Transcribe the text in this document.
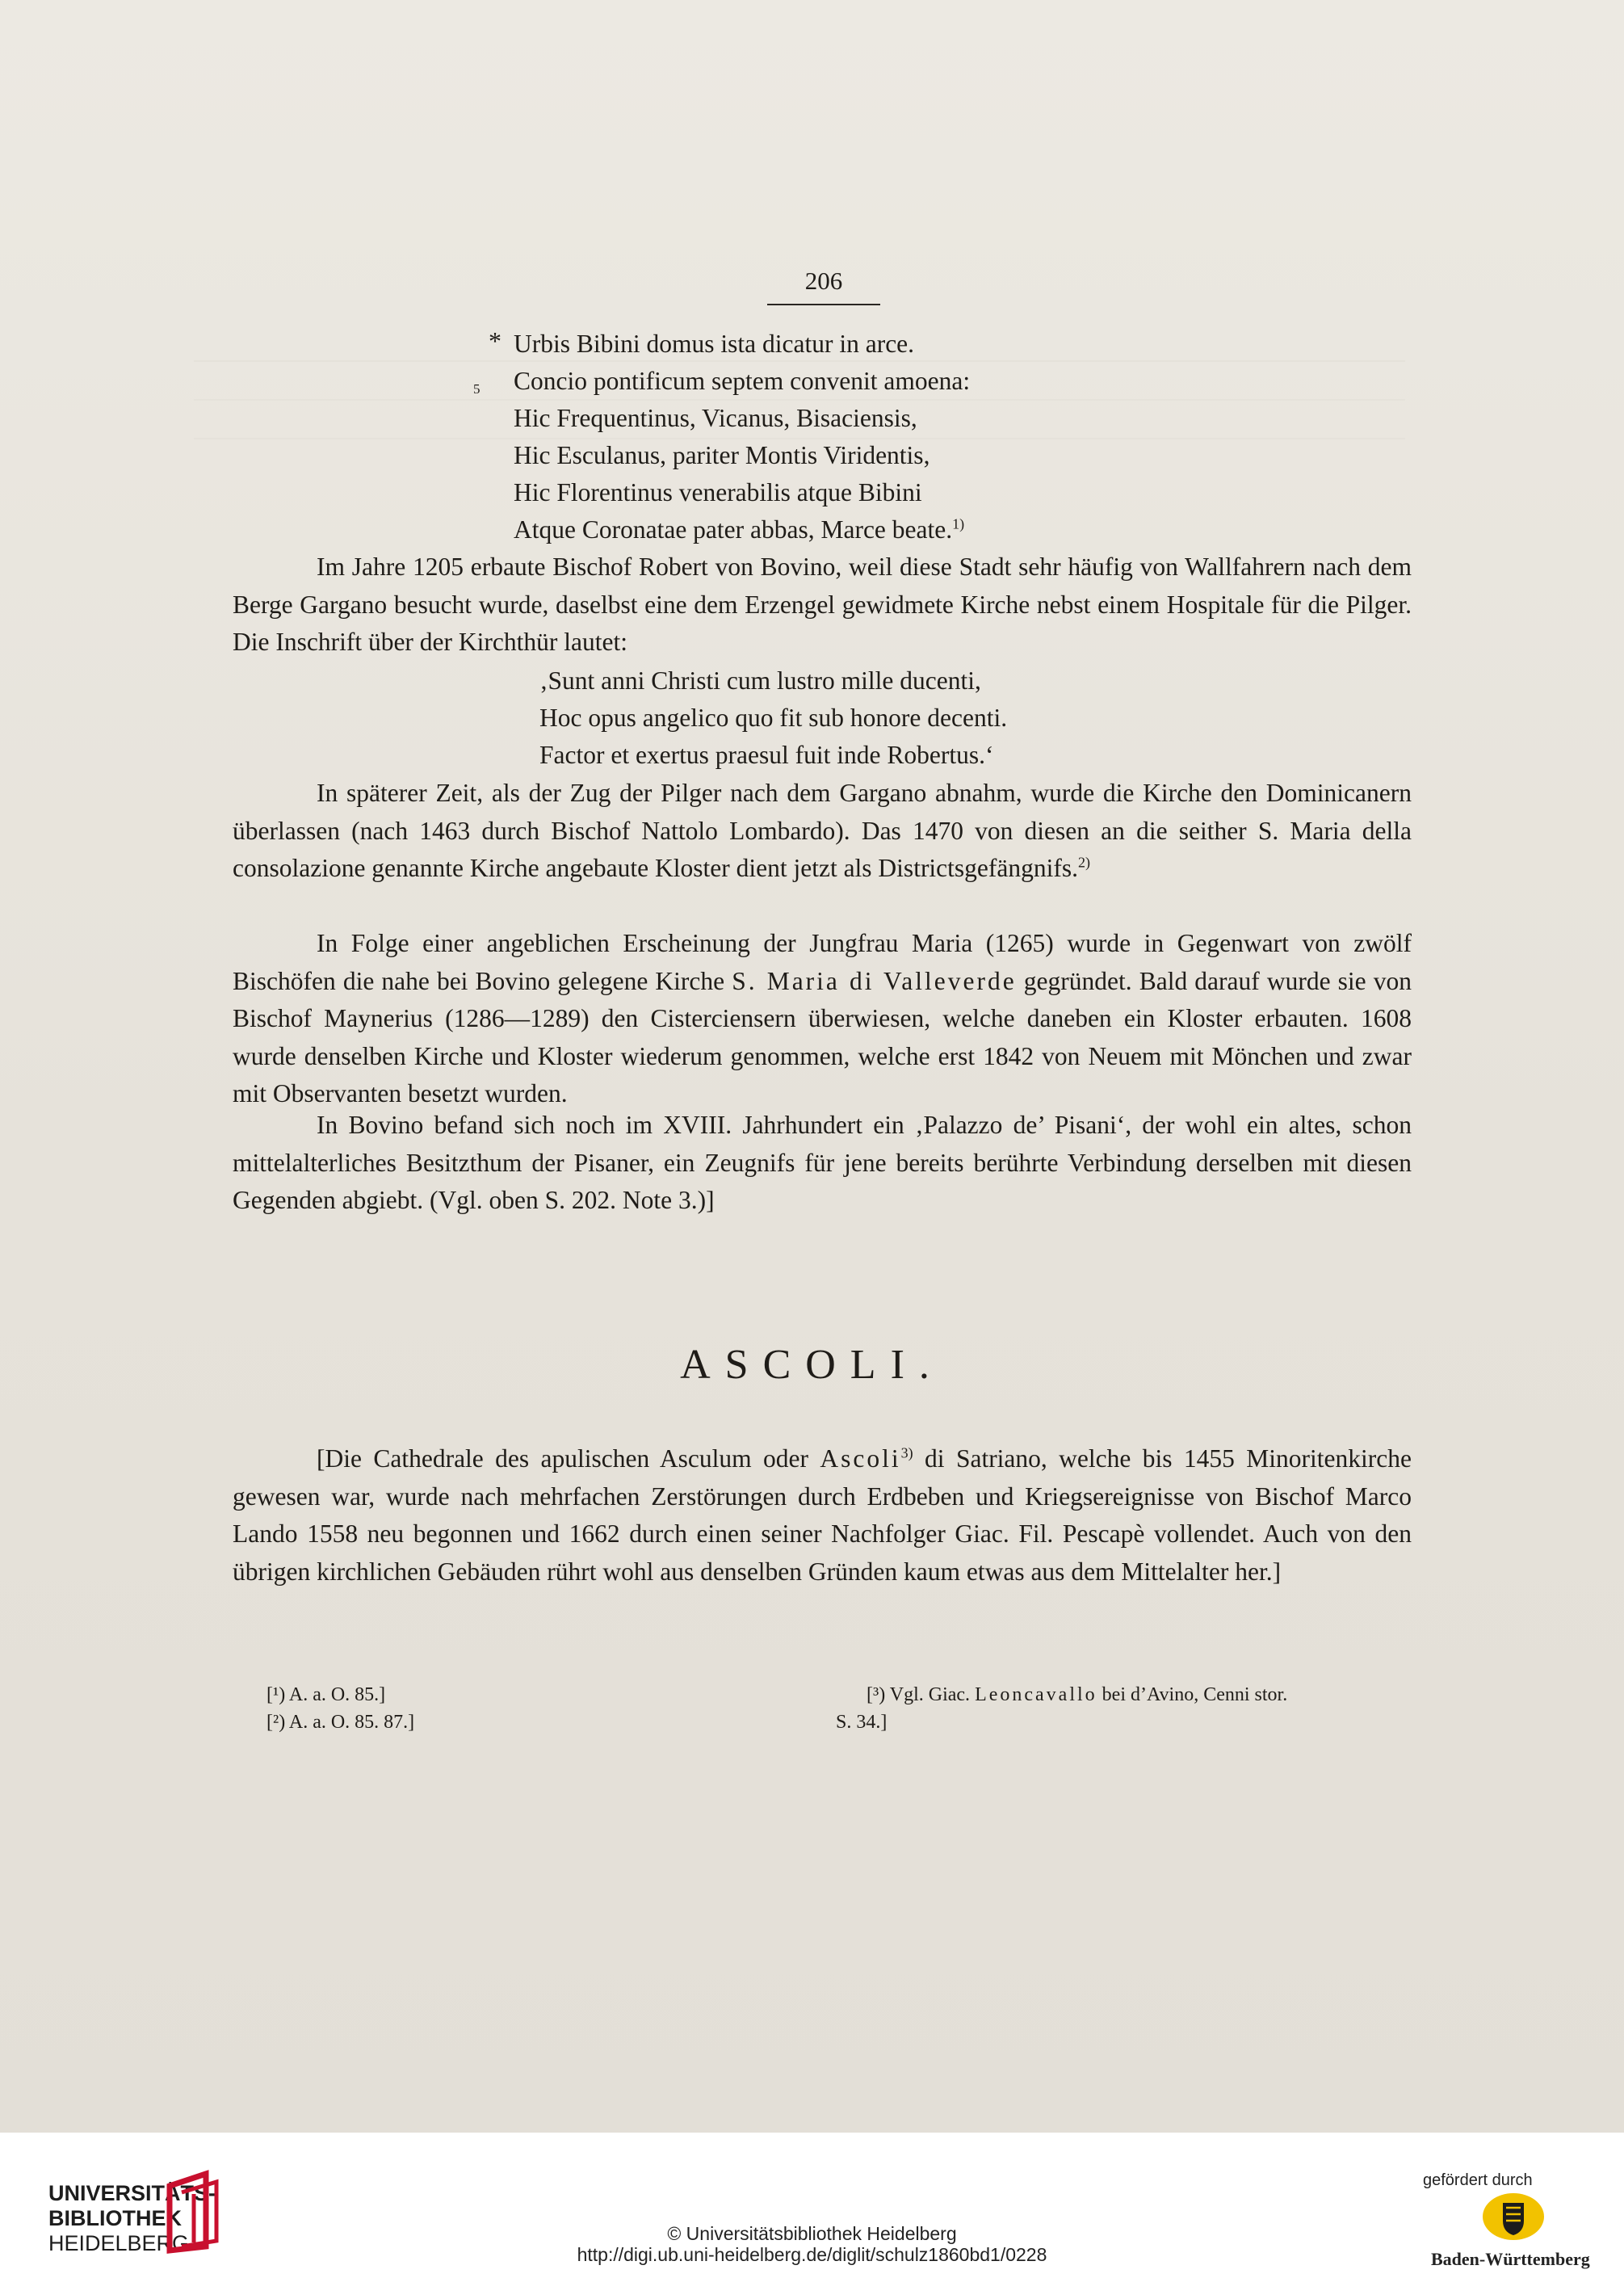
206
* Urbis Bibini domus ista dicatur in arce.
5 Concio pontificum septem convenit amoena:
Hic Frequentinus, Vicanus, Bisaciensis,
Hic Esculanus, pariter Montis Viridentis,
Hic Florentinus venerabilis atque Bibini
Atque Coronatae pater abbas, Marce beate.$^{1)}$

Im Jahre 1205 erbaute Bischof Robert von Bovino, weil diese Stadt sehr häufig von Wallfahrern nach dem Berge Gargano besucht wurde, daselbst eine dem Erzengel gewidmete Kirche nebst einem Hospitale für die Pilger. Die Inschrift über der Kirchthür lautet:

‚Sunt anni Christi cum lustro mille ducenti,
Hoc opus angelico quo fit sub honore decenti.
Factor et exertus praesul fuit inde Robertus.‘

In späterer Zeit, als der Zug der Pilger nach dem Gargano abnahm, wurde die Kirche den Dominicanern überlassen (nach 1463 durch Bischof Nattolo Lombardo). Das 1470 von diesen an die seither S. Maria della consolazione genannte Kirche angebaute Kloster dient jetzt als Districtsgefängnifs.$^{2)}$

In Folge einer angeblichen Erscheinung der Jungfrau Maria (1265) wurde in Gegenwart von zwölf Bischöfen die nahe bei Bovino gelegene Kirche S. Maria di Valleverde gegründet. Bald darauf wurde sie von Bischof Maynerius (1286—1289) den Cisterciensern überwiesen, welche daneben ein Kloster erbauten. 1608 wurde denselben Kirche und Kloster wiederum genommen, welche erst 1842 von Neuem mit Mönchen und zwar mit Observanten besetzt wurden.

In Bovino befand sich noch im XVIII. Jahrhundert ein ‚Palazzo de’ Pisani‘, der wohl ein altes, schon mittelalterliches Besitzthum der Pisaner, ein Zeugnifs für jene bereits berührte Verbindung derselben mit diesen Gegenden abgiebt. (Vgl. oben S. 202. Note 3.)]

ASCOLI.

[Die Cathedrale des apulischen Asculum oder Ascoli$^{3)}$ di Satriano, welche bis 1455 Minoritenkirche gewesen war, wurde nach mehrfachen Zerstörungen durch Erdbeben und Kriegsereignisse von Bischof Marco Lando 1558 neu begonnen und 1662 durch einen seiner Nachfolger Giac. Fil. Pescapè vollendet. Auch von den übrigen kirchlichen Gebäuden rührt wohl aus denselben Gründen kaum etwas aus dem Mittelalter her.]

[¹) A. a. O. 85.]
[²) A. a. O. 85. 87.]
[³) Vgl. Giac. Leoncavallo bei d’Avino, Cenni stor.
S. 34.]
UNIVERSITÄTS-
BIBLIOTHEK
HEIDELBERG	© Universitätsbibliothek Heidelberg
http://digi.ub.uni-heidelberg.de/diglit/schulz1860bd1/0228
gefördert durch
Baden-Württemberg
